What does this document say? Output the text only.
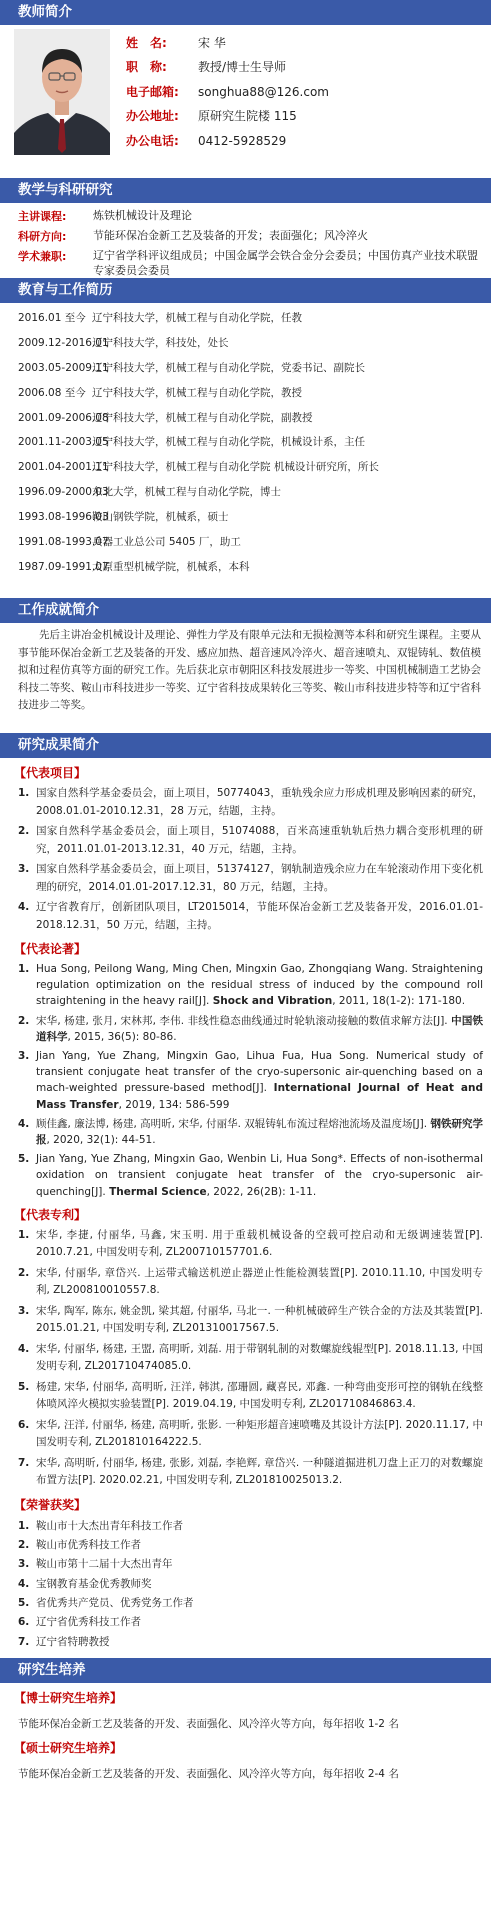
教师简介
姓　名:	宋 华
职　称:	教授/博士生导师
电子邮箱: songhua88@126.com
办公地址: 原研究生院楼 115
办公电话: 0412-5928529
教学与科研研究
主讲课程:	炼铁机械设计及理论
科研方向:	节能环保冶金新工艺及装备的开发；表面强化；风冷淬火
学术兼职:	辽宁省学科评议组成员；中国金属学会铁合金分会委员；中国仿真产业技术联盟专家委员会委员
教育与工作简历
2016.01 至今 辽宁科技大学，机械工程与自动化学院，任教
2009.12-2016.01辽宁科技大学，科技处，处长
2003.05-2009.11辽宁科技大学，机械工程与自动化学院，党委书记、副院长
2006.08 至今 辽宁科技大学，机械工程与自动化学院，教授
2001.09-2006.08辽宁科技大学，机械工程与自动化学院，副教授
2001.11-2003.05辽宁科技大学，机械工程与自动化学院，机械设计系，主任
2001.04-2001.11辽宁科技大学，机械工程与自动化学院 机械设计研究所，所长
1996.09-2000.03东北大学，机械工程与自动化学院，博士
1993.08-1996.03鞍山钢铁学院，机械系，硕士
1991.08-1993.07兵器工业总公司 5405 厂，助工
1987.09-1991.07太原重型机械学院，机械系，本科
工作成就简介
先后主讲冶金机械设计及理论、弹性力学及有限单元法和无损检测等本科和研究生课程。主要从事节能环保冶金新工艺及装备的开发、感应加热、超音速风冷淬火、超音速喷丸、双锟铸轧、数值模拟和过程仿真等方面的研究工作。先后获北京市朝阳区科技发展进步一等奖、中国机械制造工艺协会科技二等奖、鞍山市科技进步一等奖、辽宁省科技成果转化三等奖、鞍山市科技进步特等和辽宁省科技进步二等奖。
研究成果简介
【代表项目】
1. 国家自然科学基金委员会，面上项目，50774043，重轨残余应力形成机理及影响因素的研究，2008.01.01-2010.12.31，28 万元，结题，主持。
2. 国家自然科学基金委员会，面上项目，51074088，百米高速重轨轨后热力耦合变形机理的研究，2011.01.01-2013.12.31，40 万元，结题，主持。
3. 国家自然科学基金委员会，面上项目，51374127，钢轨制造残余应力在车轮滚动作用下变化机理的研究，2014.01.01-2017.12.31，80 万元，结题，主持。
4. 辽宁省教育厅，创新团队项目，LT2015014，节能环保冶金新工艺及装备开发，2016.01.01-2018.12.31，50 万元，结题，主持。
【代表论著】
1. Hua Song, Peilong Wang, Ming Chen, Mingxin Gao, Zhongqiang Wang. Straightening regulation optimization on the residual stress of induced by the compound roll straightening in the heavy rail[J]. Shock and Vibration, 2011, 18(1-2): 171-180.
2. 宋华, 杨建, 张月, 宋林邦, 李伟. 非线性稳态曲线通过时轮轨滚动接触的数值求解方法[J]. 中国铁道科学, 2015, 36(5): 80-86.
3. Jian Yang, Yue Zhang, Mingxin Gao, Lihua Fua, Hua Song. Numerical study of transient conjugate heat transfer of the cryo-supersonic air-quenching based on a mach-weighted pressure-based method[J]. International Journal of Heat and Mass Transfer, 2019, 134: 586-599
4. 顾佳鑫, 廉法博, 杨建, 高明昕, 宋华, 付丽华. 双辊铸轧布流过程熔池流场及温度场[J]. 钢铁研究学报, 2020, 32(1): 44-51.
5. Jian Yang, Yue Zhang, Mingxin Gao, Wenbin Li, Hua Song*. Effects of non-isothermal oxidation on transient conjugate heat transfer of the cryo-supersonic air-quenching[J]. Thermal Science, 2022, 26(2B): 1-11.
【代表专利】
1. 宋华, 李捷, 付丽华, 马鑫, 宋玉明. 用于重载机械设备的空载可控启动和无级调速装置[P]. 2010.7.21, 中国发明专利, ZL200710157701.6.
2. 宋华, 付丽华, 章岱兴. 上运带式输送机逆止器逆止性能检测装置[P]. 2010.11.10, 中国发明专利, ZL200810010557.8.
3. 宋华, 陶军, 陈东, 姚金凯, 梁其超, 付丽华, 马北一. 一种机械破碎生产铁合金的方法及其装置[P]. 2015.01.21, 中国发明专利, ZL201310017567.5.
4. 宋华, 付丽华, 杨建, 王盟, 高明昕, 刘磊. 用于带钢轧制的对数螺旋线辊型[P]. 2018.11.13, 中国发明专利, ZL201710474085.0.
5. 杨建, 宋华, 付丽华, 高明昕, 汪洋, 韩淇, 邵珊圆, 藏喜民, 邓鑫. 一种弯曲变形可控的钢轨在线整体喷风淬火模拟实验装置[P]. 2019.04.19, 中国发明专利, ZL201710846863.4.
6. 宋华, 汪洋, 付丽华, 杨建, 高明昕, 张影. 一种矩形超音速喷嘴及其设计方法[P]. 2020.11.17, 中国发明专利, ZL201810164222.5.
7. 宋华, 高明昕, 付丽华, 杨建, 张影, 刘磊, 李艳辉, 章岱兴. 一种隧道掘进机刀盘上正刀的对数螺旋布置方法[P]. 2020.02.21, 中国发明专利, ZL201810025013.2.
【荣誉获奖】
1. 鞍山市十大杰出青年科技工作者
2. 鞍山市优秀科技工作者
3. 鞍山市第十二届十大杰出青年
4. 宝钢教育基金优秀教师奖
5. 省优秀共产党员、优秀党务工作者
6. 辽宁省优秀科技工作者
7. 辽宁省特聘教授
研究生培养
【博士研究生培养】
节能环保冶金新工艺及装备的开发、表面强化、风冷淬火等方向，每年招收 1-2 名
【硕士研究生培养】
节能环保冶金新工艺及装备的开发、表面强化、风冷淬火等方向，每年招收 2-4 名
